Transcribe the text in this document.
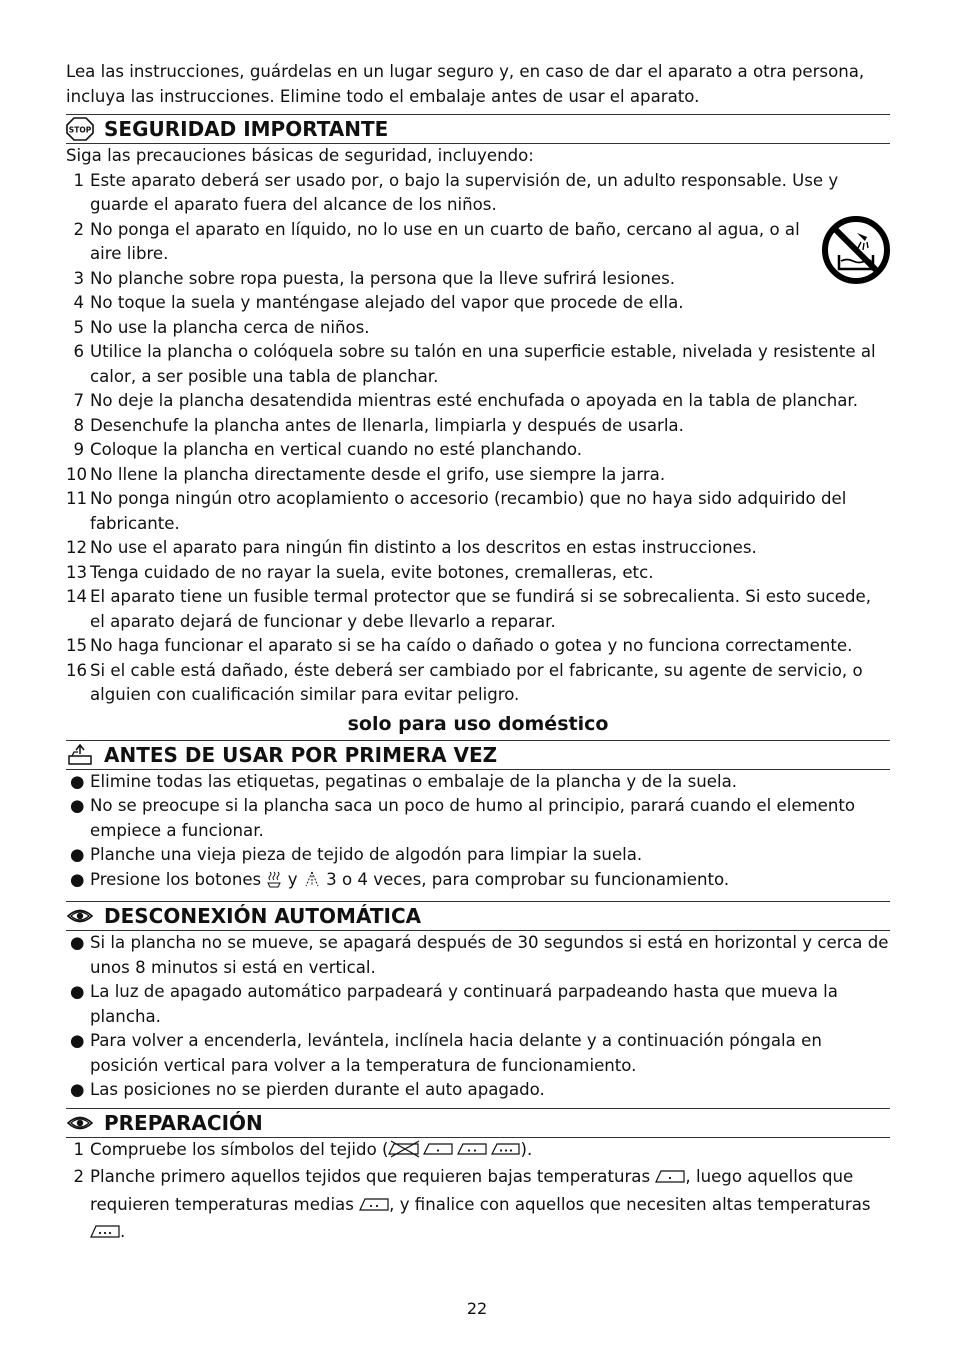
Lea las instrucciones, guárdelas en un lugar seguro y, en caso de dar el aparato a otra persona, incluya las instrucciones. Elimine todo el embalaje antes de usar el aparato.

STOP SEGURIDAD IMPORTANTE

Siga las precauciones básicas de seguridad, incluyendo:

1 Este aparato deberá ser usado por, o bajo la supervisión de, un adulto responsable. Use y guarde el aparato fuera del alcance de los niños.
2 No ponga el aparato en líquido, no lo use en un cuarto de baño, cercano al agua, o al aire libre.
3 No planche sobre ropa puesta, la persona que la lleve sufrirá lesiones.
4 No toque la suela y manténgase alejado del vapor que procede de ella.
5 No use la plancha cerca de niños.
6 Utilice la plancha o colóquela sobre su talón en una superficie estable, nivelada y resistente al calor, a ser posible una tabla de planchar.
7 No deje la plancha desatendida mientras esté enchufada o apoyada en la tabla de planchar.
8 Desenchufe la plancha antes de llenarla, limpiarla y después de usarla.
9 Coloque la plancha en vertical cuando no esté planchando.
10 No llene la plancha directamente desde el grifo, use siempre la jarra.
11 No ponga ningún otro acoplamiento o accesorio (recambio) que no haya sido adquirido del fabricante.
12 No use el aparato para ningún fin distinto a los descritos en estas instrucciones.
13 Tenga cuidado de no rayar la suela, evite botones, cremalleras, etc.
14 El aparato tiene un fusible termal protector que se fundirá si se sobrecalienta. Si esto sucede, el aparato dejará de funcionar y debe llevarlo a reparar.
15 No haga funcionar el aparato si se ha caído o dañado o gotea y no funciona correctamente.
16 Si el cable está dañado, éste deberá ser cambiado por el fabricante, su agente de servicio, o alguien con cualificación similar para evitar peligro.

solo para uso doméstico

ANTES DE USAR POR PRIMERA VEZ
● Elimine todas las etiquetas, pegatinas o embalaje de la plancha y de la suela.
● No se preocupe si la plancha saca un poco de humo al principio, parará cuando el elemento empiece a funcionar.
● Planche una vieja pieza de tejido de algodón para limpiar la suela.
● Presione los botones y 3 o 4 veces, para comprobar su funcionamiento.
DESCONEXIÓN AUTOMÁTICA
● Si la plancha no se mueve, se apagará después de 30 segundos si está en horizontal y cerca de unos 8 minutos si está en vertical.
● La luz de apagado automático parpadeará y continuará parpadeando hasta que mueva la plancha.
● Para volver a encenderla, levántela, inclínela hacia delante y a continuación póngala en posición vertical para volver a la temperatura de funcionamiento.
● Las posiciones no se pierden durante el auto apagado.
PREPARACIÓN
1 Compruebe los símbolos del tejido (	).
2 Planche primero aquellos tejidos que requieren bajas temperaturas , luego aquellos que requieren temperaturas medias , y finalice con aquellos que necesiten altas temperaturas .
22
